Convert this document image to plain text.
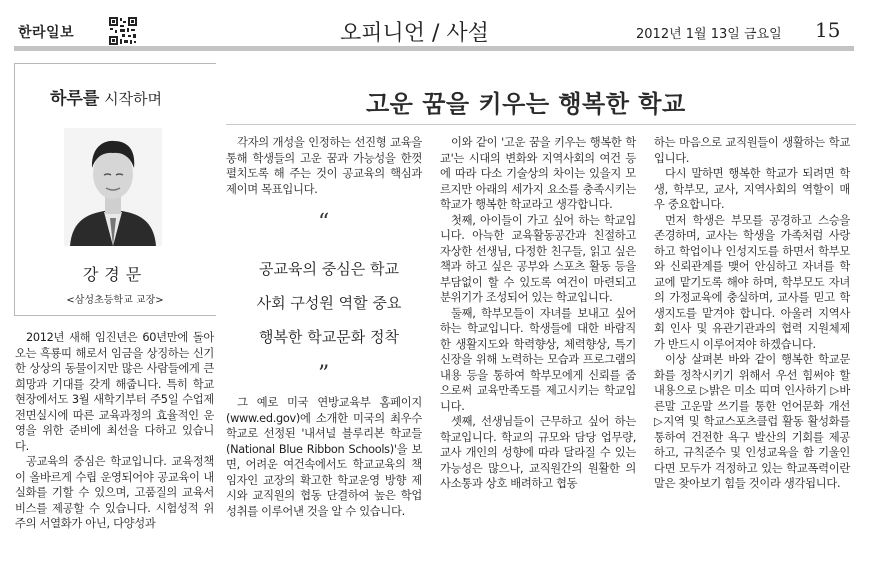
한라일보	오피니언 / 사설	2012년 1월 13일 금요일 15
하루를 시작하며
강경문
<삼성초등학교 교장>
고운 꿈을 키우는 행복한 학교

2012년 새해 임진년은 60년만에 돌아오는 흑룡띠 해로서 임금을 상징하는 신기한 상상의 동물이지만 많은 사람들에게 큰 희망과 기대를 갖게 해줍니다. 특히 학교현장에서도 3월 새학기부터 주5일 수업제 전면실시에 따른 교육과정의 효율적인 운영을 위한 준비에 최선을 다하고 있습니다.

공교육의 중심은 학교입니다. 교육정책이 올바르게 수립 운영되어야 공교육이 내실화를 기할 수 있으며, 고품질의 교육서비스를 제공할 수 있습니다. 시험성적 위주의 서열화가 아닌, 다양성과

각자의 개성을 인정하는 선진형 교육을 통해 학생들의 고운 꿈과 가능성을 한껏 펼치도록 해 주는 것이 공교육의 핵심과제이며 목표입니다.

“
공교육의 중심은 학교
사회 구성원 역할 중요
행복한 학교문화 정착
”

그 예로 미국 연방교육부 홈페이지(www.ed.gov)에 소개한 미국의 최우수학교로 선정된 '내셔널 블루리본 학교들(National Blue Ribbon Schools)'을 보면, 어려운 여건속에서도 학교교육의 책임자인 교장의 확고한 학교운영 방향 제시와 교직원의 협동 단결하여 높은 학업성취를 이루어낸 것을 알 수 있습니다.

이와 같이 '고운 꿈을 키우는 행복한 학교'는 시대의 변화와 지역사회의 여건 등에 따라 다소 기술상의 차이는 있을지 모르지만 아래의 세가지 요소를 충족시키는 학교가 행복한 학교라고 생각합니다.

첫째, 아이들이 가고 싶어 하는 학교입니다. 아늑한 교육활동공간과 친절하고 자상한 선생님, 다정한 친구들, 읽고 싶은 책과 하고 싶은 공부와 스포츠 활동 등을 부담없이 할 수 있도록 여건이 마련되고 분위기가 조성되어 있는 학교입니다.

둘째, 학부모들이 자녀를 보내고 싶어 하는 학교입니다. 학생들에 대한 바람직한 생활지도와 학력향상, 체력향상, 특기신장을 위해 노력하는 모습과 프로그램의 내용 등을 통하여 학부모에게 신뢰를 줌으로써 교육만족도를 제고시키는 학교입니다.

셋째, 선생님들이 근무하고 싶어 하는 학교입니다. 학교의 규모와 담당 업무량, 교사 개인의 성향에 따라 달라질 수 있는 가능성은 많으나, 교직원간의 원활한 의사소통과 상호 배려하고 협동

하는 마음으로 교직원들이 생활하는 학교입니다.

다시 말하면 행복한 학교가 되려면 학생, 학부모, 교사, 지역사회의 역할이 매우 중요합니다.

먼저 학생은 부모를 공경하고 스승을 존경하며, 교사는 학생을 가족처럼 사랑하고 학업이나 인성지도를 하면서 학부모와 신뢰관계를 맺어 안심하고 자녀를 학교에 맡기도록 해야 하며, 학부모도 자녀의 가정교육에 충실하며, 교사를 믿고 학생지도를 맡겨야 합니다. 아울러 지역사회 인사 및 유관기관과의 협력 지원체제가 반드시 이루어져야 하겠습니다.

이상 살펴본 바와 같이 행복한 학교문화를 정착시키기 위해서 우선 힘써야 할 내용으로 ▷밝은 미소 띠며 인사하기 ▷바른말 고운말 쓰기를 통한 언어문화 개선 ▷지역 및 학교스포츠클럽 활동 활성화를 통하여 건전한 욕구 발산의 기회를 제공하고, 규칙준수 및 인성교육을 함 기울인다면 모두가 걱정하고 있는 학교폭력이란 말은 찾아보기 힘들 것이라 생각됩니다.
